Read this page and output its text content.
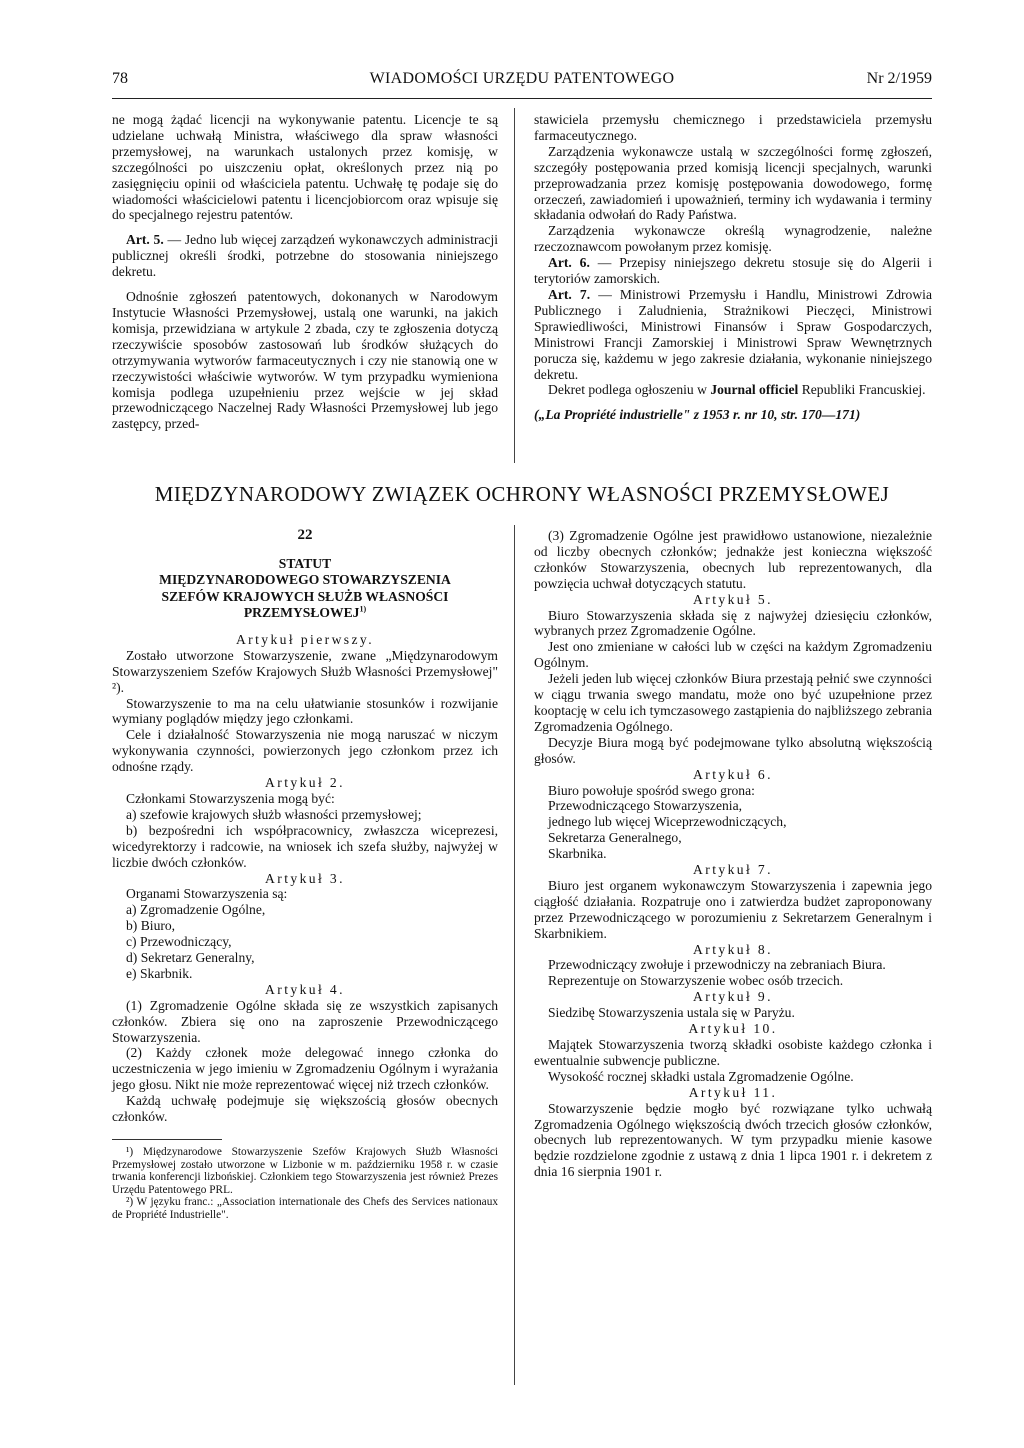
78	WIADOMOŚCI URZĘDU PATENTOWEGO	Nr 2/1959

ne mogą żądać licencji na wykonywanie patentu. Licencje te są udzielane uchwałą Ministra, właściwego dla spraw własności przemysłowej, na warunkach ustalonych przez komisję, w szczególności po uiszczeniu opłat, określonych przez nią po zasięgnięciu opinii od właściciela patentu. Uchwałę tę podaje się do wiadomości właścicielowi patentu i licencjobiorcom oraz wpisuje się do specjalnego rejestru patentów.

Art. 5. — Jedno lub więcej zarządzeń wykonawczych administracji publicznej określi środki, potrzebne do stosowania niniejszego dekretu.

Odnośnie zgłoszeń patentowych, dokonanych w Narodowym Instytucie Własności Przemysłowej, ustalą one warunki, na jakich komisja, przewidziana w artykule 2 zbada, czy te zgłoszenia dotyczą rzeczywiście sposobów zastosowań lub środków służących do otrzymywania wytworów farmaceutycznych i czy nie stanowią one w rzeczywistości właściwie wytworów. W tym przypadku wymieniona komisja podlega uzupełnieniu przez wejście w jej skład przewodniczącego Naczelnej Rady Własności Przemysłowej lub jego zastępcy, przed-

stawiciela przemysłu chemicznego i przedstawiciela przemysłu farmaceutycznego.

Zarządzenia wykonawcze ustalą w szczególności formę zgłoszeń, szczegóły postępowania przed komisją licencji specjalnych, warunki przeprowadzania przez komisję postępowania dowodowego, formę orzeczeń, zawiadomień i upoważnień, terminy ich wydawania i terminy składania odwołań do Rady Państwa.

Zarządzenia wykonawcze określą wynagrodzenie, należne rzeczoznawcom powołanym przez komisję.

Art. 6. — Przepisy niniejszego dekretu stosuje się do Algerii i terytoriów zamorskich.

Art. 7. — Ministrowi Przemysłu i Handlu, Ministrowi Zdrowia Publicznego i Zaludnienia, Strażnikowi Pieczęci, Ministrowi Sprawiedliwości, Ministrowi Finansów i Spraw Gospodarczych, Ministrowi Francji Zamorskiej i Ministrowi Spraw Wewnętrznych porucza się, każdemu w jego zakresie działania, wykonanie niniejszego dekretu.

Dekret podlega ogłoszeniu w Journal officiel Republiki Francuskiej.

(„La Propriété industrielle" z 1953 r. nr 10, str. 170—171)

MIĘDZYNARODOWY ZWIĄZEK OCHRONY WŁASNOŚCI PRZEMYSŁOWEJ

22

STATUT

MIĘDZYNARODOWEGO STOWARZYSZENIA

SZEFÓW KRAJOWYCH SŁUŻB WŁASNOŚCI

PRZEMYSŁOWEJ$^{1)}$

Artykuł pierwszy.

Zostało utworzone Stowarzyszenie, zwane „Międzynarodowym Stowarzyszeniem Szefów Krajowych Służb Własności Przemysłowej" ²).

Stowarzyszenie to ma na celu ułatwianie stosunków i rozwijanie wymiany poglądów między jego członkami.

Cele i działalność Stowarzyszenia nie mogą naruszać w niczym wykonywania czynności, powierzonych jego członkom przez ich odnośne rządy.

Artykuł 2.

Członkami Stowarzyszenia mogą być:

a) szefowie krajowych służb własności przemysłowej;

b) bezpośredni ich współpracownicy, zwłaszcza wiceprezesi, wicedyrektorzy i radcowie, na wniosek ich szefa służby, najwyżej w liczbie dwóch członków.

Artykuł 3.

Organami Stowarzyszenia są:

a) Zgromadzenie Ogólne,

b) Biuro,

c) Przewodniczący,

d) Sekretarz Generalny,

e) Skarbnik.

Artykuł 4.

(1) Zgromadzenie Ogólne składa się ze wszystkich zapisanych członków. Zbiera się ono na zaproszenie Przewodniczącego Stowarzyszenia.

(2) Każdy członek może delegować innego członka do uczestniczenia w jego imieniu w Zgromadzeniu Ogólnym i wyrażania jego głosu. Nikt nie może reprezentować więcej niż trzech członków.

Każdą uchwałę podejmuje się większością głosów obecnych członków.

¹) Międzynarodowe Stowarzyszenie Szefów Krajowych Służb Własności Przemysłowej zostało utworzone w Lizbonie w m. październiku 1958 r. w czasie trwania konferencji lizbońskiej. Członkiem tego Stowarzyszenia jest również Prezes Urzędu Patentowego PRL.

²) W języku franc.: „Association internationale des Chefs des Services nationaux de Propriété Industrielle".

(3) Zgromadzenie Ogólne jest prawidłowo ustanowione, niezależnie od liczby obecnych członków; jednakże jest konieczna większość członków Stowarzyszenia, obecnych lub reprezentowanych, dla powzięcia uchwał dotyczących statutu.

Artykuł 5.

Biuro Stowarzyszenia składa się z najwyżej dziesięciu członków, wybranych przez Zgromadzenie Ogólne.

Jest ono zmieniane w całości lub w części na każdym Zgromadzeniu Ogólnym.

Jeżeli jeden lub więcej członków Biura przestają pełnić swe czynności w ciągu trwania swego mandatu, może ono być uzupełnione przez kooptację w celu ich tymczasowego zastąpienia do najbliższego zebrania Zgromadzenia Ogólnego.

Decyzje Biura mogą być podejmowane tylko absolutną większością głosów.

Artykuł 6.

Biuro powołuje spośród swego grona:

Przewodniczącego Stowarzyszenia,

jednego lub więcej Wiceprzewodniczących,

Sekretarza Generalnego,

Skarbnika.

Artykuł 7.

Biuro jest organem wykonawczym Stowarzyszenia i zapewnia jego ciągłość działania. Rozpatruje ono i zatwierdza budżet zaproponowany przez Przewodniczącego w porozumieniu z Sekretarzem Generalnym i Skarbnikiem.

Artykuł 8.

Przewodniczący zwołuje i przewodniczy na zebraniach Biura.

Reprezentuje on Stowarzyszenie wobec osób trzecich.

Artykuł 9.

Siedzibę Stowarzyszenia ustala się w Paryżu.

Artykuł 10.

Majątek Stowarzyszenia tworzą składki osobiste każdego członka i ewentualnie subwencje publiczne.

Wysokość rocznej składki ustala Zgromadzenie Ogólne.

Artykuł 11.

Stowarzyszenie będzie mogło być rozwiązane tylko uchwałą Zgromadzenia Ogólnego większością dwóch trzecich głosów członków, obecnych lub reprezentowanych. W tym przypadku mienie kasowe będzie rozdzielone zgodnie z ustawą z dnia 1 lipca 1901 r. i dekretem z dnia 16 sierpnia 1901 r.
